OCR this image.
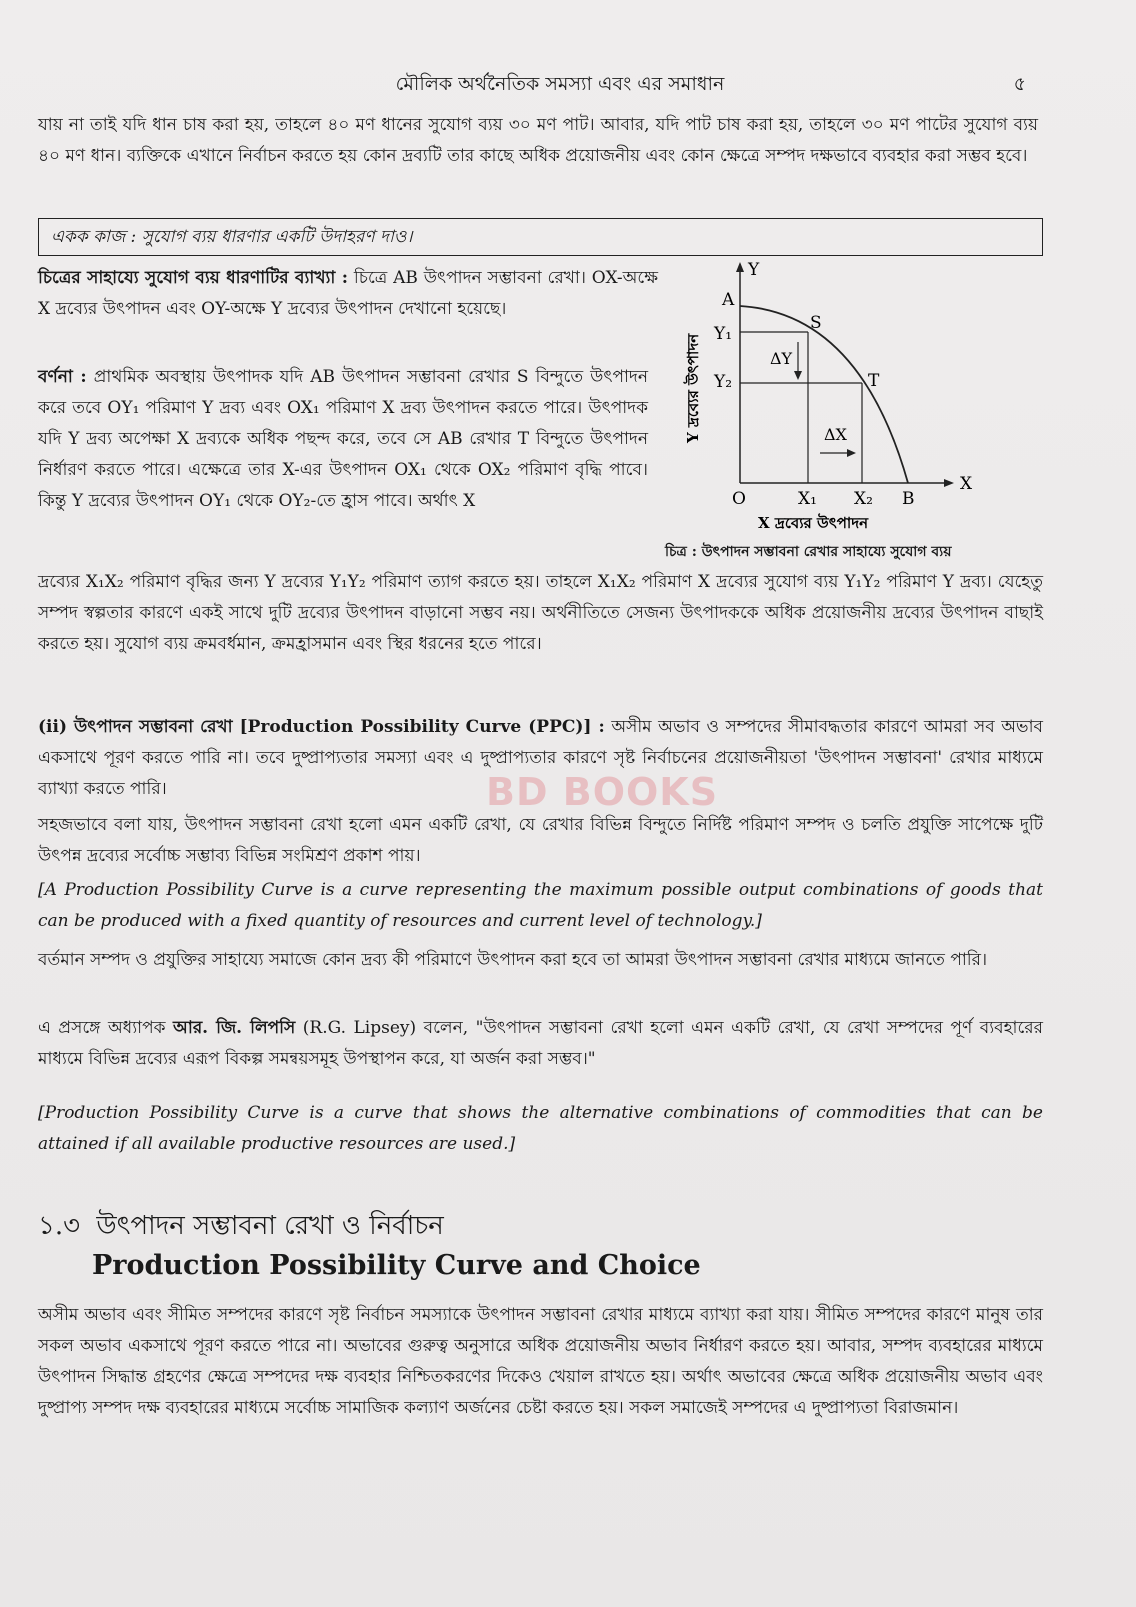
মৌলিক অর্থনৈতিক সমস্যা এবং এর সমাধান	৫
যায় না তাই যদি ধান চাষ করা হয়, তাহলে ৪০ মণ ধানের সুযোগ ব্যয় ৩০ মণ পাট। আবার, যদি পাট চাষ করা হয়, তাহলে ৩০ মণ পাটের সুযোগ ব্যয় ৪০ মণ ধান। ব্যক্তিকে এখানে নির্বাচন করতে হয় কোন দ্রব্যটি তার কাছে অধিক প্রয়োজনীয় এবং কোন ক্ষেত্রে সম্পদ দক্ষভাবে ব্যবহার করা সম্ভব হবে।
একক কাজ : সুযোগ ব্যয় ধারণার একটি উদাহরণ দাও।
চিত্রের সাহায্যে সুযোগ ব্যয় ধারণাটির ব্যাখ্যা : চিত্রে AB উৎপাদন সম্ভাবনা রেখা। OX-অক্ষে X দ্রব্যের উৎপাদন এবং OY-অক্ষে Y দ্রব্যের উৎপাদন দেখানো হয়েছে।
বর্ণনা : প্রাথমিক অবস্থায় উৎপাদক যদি AB উৎপাদন সম্ভাবনা রেখার S বিন্দুতে উৎপাদন করে তবে OY₁ পরিমাণ Y দ্রব্য এবং OX₁ পরিমাণ X দ্রব্য উৎপাদন করতে পারে। উৎপাদক যদি Y দ্রব্য অপেক্ষা X দ্রব্যকে অধিক পছন্দ করে, তবে সে AB রেখার T বিন্দুতে উৎপাদন নির্ধারণ করতে পারে। এক্ষেত্রে তার X-এর উৎপাদন OX₁ থেকে OX₂ পরিমাণ বৃদ্ধি পাবে। কিন্তু Y দ্রব্যের উৎপাদন OY₁ থেকে OY₂-তে হ্রাস পাবে। অর্থাৎ X
Y দ্রব্যের উৎপাদন
Y
X
A
S
T
Y₁
Y₂
ΔY
ΔX
O	X₁ X₂ B
X দ্রব্যের উৎপাদন
চিত্র : উৎপাদন সম্ভাবনা রেখার সাহায্যে সুযোগ ব্যয়
দ্রব্যের X₁X₂ পরিমাণ বৃদ্ধির জন্য Y দ্রব্যের Y₁Y₂ পরিমাণ ত্যাগ করতে হয়। তাহলে X₁X₂ পরিমাণ X দ্রব্যের সুযোগ ব্যয় Y₁Y₂ পরিমাণ Y দ্রব্য। যেহেতু সম্পদ স্বল্পতার কারণে একই সাথে দুটি দ্রব্যের উৎপাদন বাড়ানো সম্ভব নয়। অর্থনীতিতে সেজন্য উৎপাদককে অধিক প্রয়োজনীয় দ্রব্যের উৎপাদন বাছাই করতে হয়। সুযোগ ব্যয় ক্রমবর্ধমান, ক্রমহ্রাসমান এবং স্থির ধরনের হতে পারে।
(ii) উৎপাদন সম্ভাবনা রেখা [Production Possibility Curve (PPC)] : অসীম অভাব ও সম্পদের সীমাবদ্ধতার কারণে আমরা সব অভাব একসাথে পূরণ করতে পারি না। তবে দুষ্প্রাপ্যতার সমস্যা এবং এ দুষ্প্রাপ্যতার কারণে সৃষ্ট নির্বাচনের প্রয়োজনীয়তা 'উৎপাদন সম্ভাবনা' রেখার মাধ্যমে ব্যাখ্যা করতে পারি।	BD BOOKS
সহজভাবে বলা যায়, উৎপাদন সম্ভাবনা রেখা হলো এমন একটি রেখা, যে রেখার বিভিন্ন বিন্দুতে নির্দিষ্ট পরিমাণ সম্পদ ও চলতি প্রযুক্তি সাপেক্ষে দুটি উৎপন্ন দ্রব্যের সর্বোচ্চ সম্ভাব্য বিভিন্ন সংমিশ্রণ প্রকাশ পায়।
[A Production Possibility Curve is a curve representing the maximum possible output combinations of goods that can be produced with a fixed quantity of resources and current level of technology.]
বর্তমান সম্পদ ও প্রযুক্তির সাহায্যে সমাজে কোন দ্রব্য কী পরিমাণে উৎপাদন করা হবে তা আমরা উৎপাদন সম্ভাবনা রেখার মাধ্যমে জানতে পারি।
এ প্রসঙ্গে অধ্যাপক আর. জি. লিপসি (R.G. Lipsey) বলেন, "উৎপাদন সম্ভাবনা রেখা হলো এমন একটি রেখা, যে রেখা সম্পদের পূর্ণ ব্যবহারের মাধ্যমে বিভিন্ন দ্রব্যের এরূপ বিকল্প সমন্বয়সমূহ উপস্থাপন করে, যা অর্জন করা সম্ভব।"
[Production Possibility Curve is a curve that shows the alternative combinations of commodities that can be attained if all available productive resources are used.]
১.৩ উৎপাদন সম্ভাবনা রেখা ও নির্বাচন
Production Possibility Curve and Choice
অসীম অভাব এবং সীমিত সম্পদের কারণে সৃষ্ট নির্বাচন সমস্যাকে উৎপাদন সম্ভাবনা রেখার মাধ্যমে ব্যাখ্যা করা যায়। সীমিত সম্পদের কারণে মানুষ তার সকল অভাব একসাথে পূরণ করতে পারে না। অভাবের গুরুত্ব অনুসারে অধিক প্রয়োজনীয় অভাব নির্ধারণ করতে হয়। আবার, সম্পদ ব্যবহারের মাধ্যমে উৎপাদন সিদ্ধান্ত গ্রহণের ক্ষেত্রে সম্পদের দক্ষ ব্যবহার নিশ্চিতকরণের দিকেও খেয়াল রাখতে হয়। অর্থাৎ অভাবের ক্ষেত্রে অধিক প্রয়োজনীয় অভাব এবং দুষ্প্রাপ্য সম্পদ দক্ষ ব্যবহারের মাধ্যমে সর্বোচ্চ সামাজিক কল্যাণ অর্জনের চেষ্টা করতে হয়। সকল সমাজেই সম্পদের এ দুষ্প্রাপ্যতা বিরাজমান।
